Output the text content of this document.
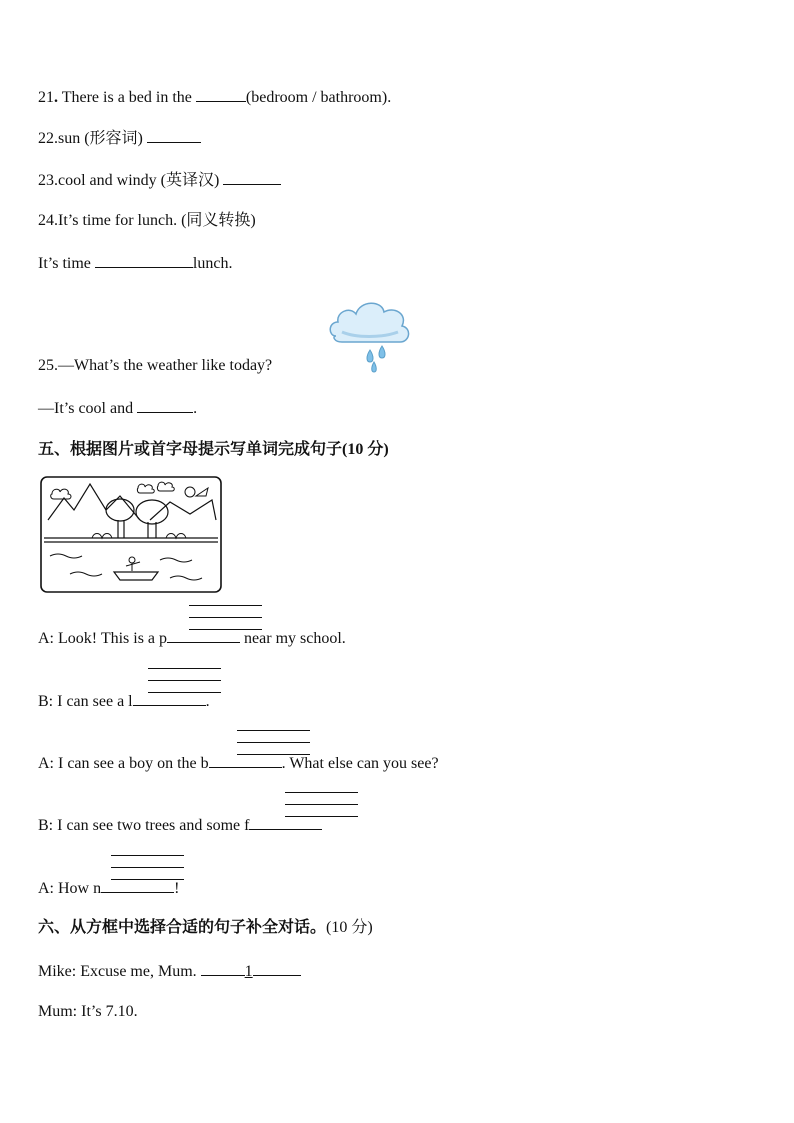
21. There is a bed in the	(bedroom / bathroom).
22.sun (形容词)
23.cool and windy (英译汉)
24.It’s time for lunch. (同义转换)
It’s time	lunch.
25.—What’s the weather like today?
—It’s cool and	.
五、根据图片或首字母提示写单词完成句子(10 分)
A: Look! This is a p	near my school.
B: I can see a l	.
A: I can see a boy on the b	. What else can you see?
B: I can see two trees and some f
A: How n	!
六、从方框中选择合适的句子补全对话。(10 分)
Mike: Excuse me, Mum.	1
Mum: It’s 7.10.
